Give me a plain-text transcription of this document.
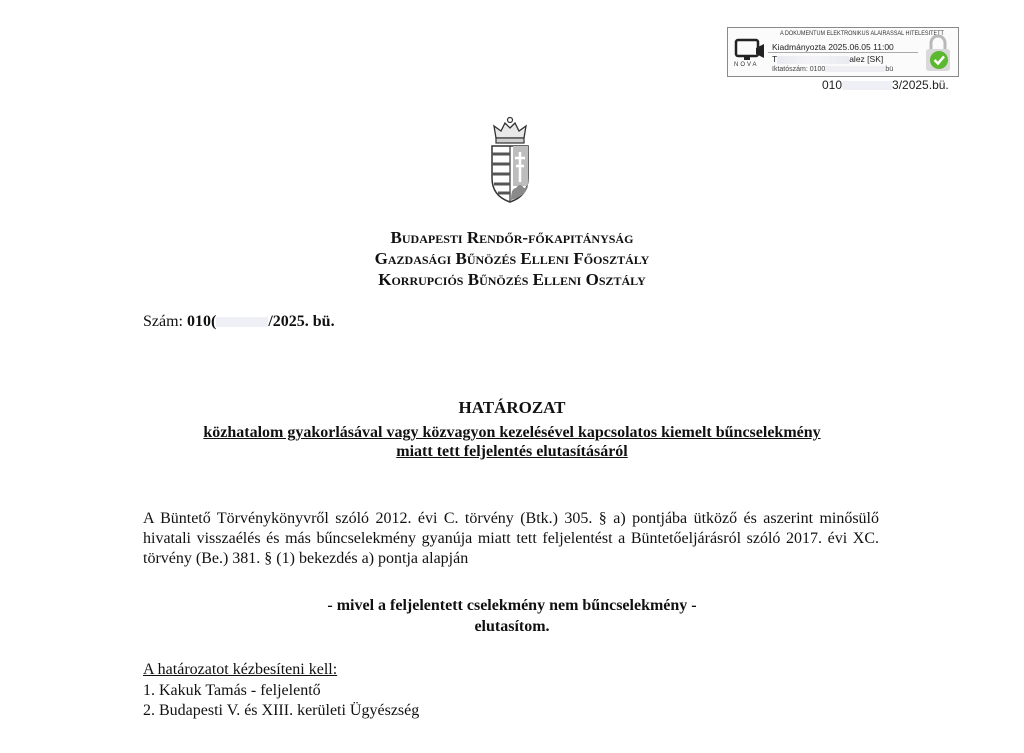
NOVA
A DOKUMENTUM ELEKTRONIKUS ALÁÍRÁSSAL HITELESÍTETT
Kiadmányozta 2025.06.05 11:00
T	alez [SK]
Iktatószám: 0100	bü
010	3/2025.bü.
Budapesti Rendőr-főkapitányság
Gazdasági Bűnözés Elleni Főosztály
Korrupciós Bűnözés Elleni Osztály
Szám: 010(	/2025. bü.
HATÁROZAT
közhatalom gyakorlásával vagy közvagyon kezelésével kapcsolatos kiemelt bűncselekmény
miatt tett feljelentés elutasításáról
A Büntető Törvénykönyvről szóló 2012. évi C. törvény (Btk.) 305. § a) pontjába ütköző és aszerint minősülő hivatali visszaélés és más bűncselekmény gyanúja miatt tett feljelentést a Büntetőeljárásról szóló 2017. évi XC. törvény (Be.) 381. § (1) bekezdés a) pontja alapján
- mivel a feljelentett cselekmény nem bűncselekmény -
elutasítom.
A határozatot kézbesíteni kell:
1. Kakuk Tamás - feljelentő
2. Budapesti V. és XIII. kerületi Ügyészség
